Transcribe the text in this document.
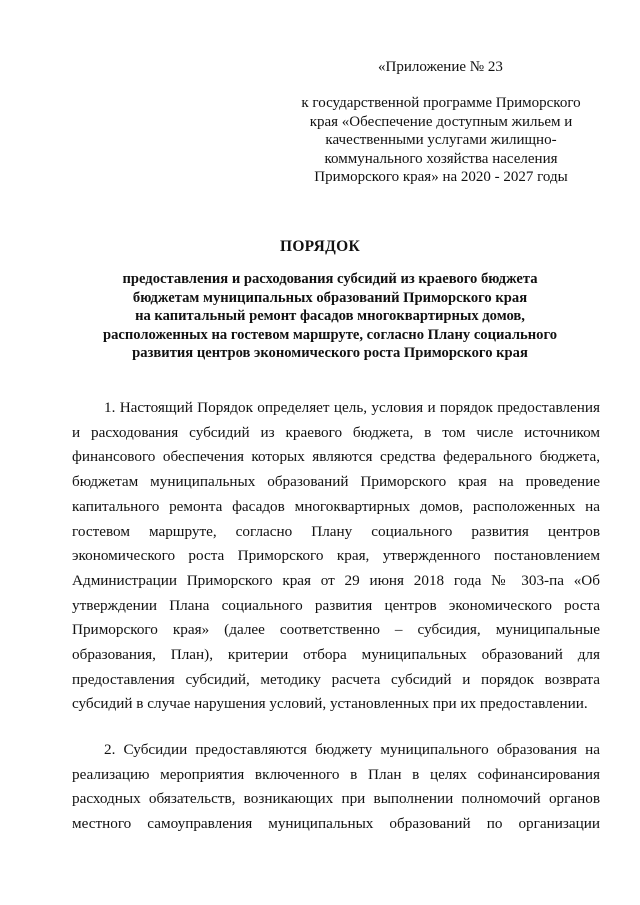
«Приложение № 23
к государственной программе Приморского
края «Обеспечение доступным жильем и
качественными услугами жилищно-
коммунального хозяйства населения
Приморского края» на 2020 - 2027 годы
ПОРЯДОК
предоставления и расходования субсидий из краевого бюджета
бюджетам муниципальных образований Приморского края
на капитальный ремонт фасадов многоквартирных домов,
расположенных на гостевом маршруте, согласно Плану социального
развития центров экономического роста Приморского края
1. Настоящий Порядок определяет цель, условия и порядок предоставления
и расходования субсидий из краевого бюджета, в том числе источником
финансового обеспечения которых являются средства федерального бюджета,
бюджетам муниципальных образований Приморского края на проведение
капитального ремонта фасадов многоквартирных домов, расположенных на
гостевом маршруте, согласно Плану социального развития центров
экономического роста Приморского края, утвержденного постановлением
Администрации Приморского края от 29 июня 2018 года № 303-па «Об
утверждении Плана социального развития центров экономического роста
Приморского края» (далее соответственно – субсидия, муниципальные
образования, План), критерии отбора муниципальных образований для
предоставления субсидий, методику расчета субсидий и порядок возврата
субсидий в случае нарушения условий, установленных при их предоставлении.
2. Субсидии предоставляются бюджету муниципального образования на
реализацию мероприятия включенного в План в целях софинансирования
расходных обязательств, возникающих при выполнении полномочий органов
местного самоуправления муниципальных образований по организации
